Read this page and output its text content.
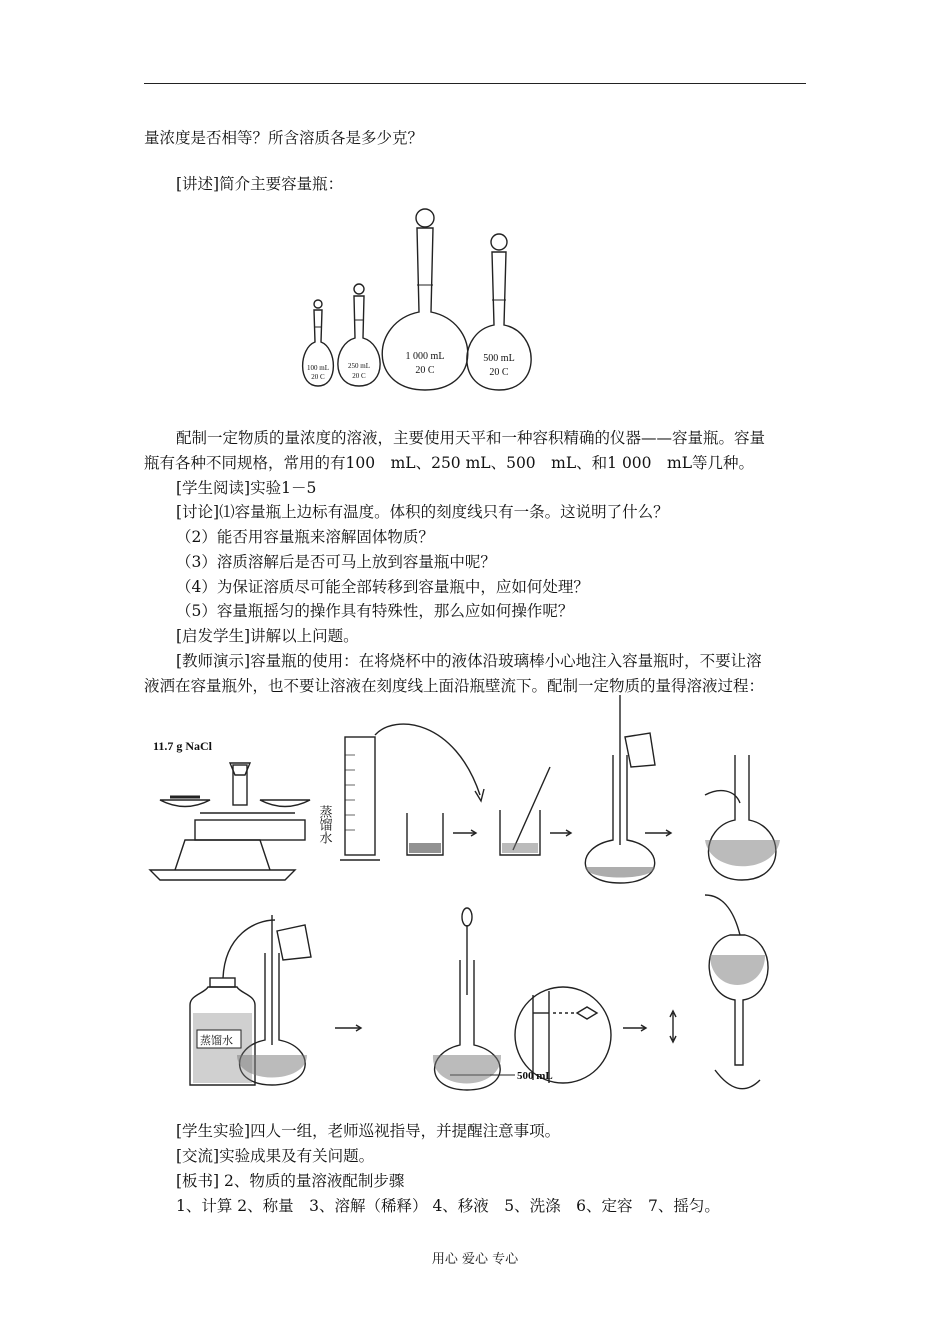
量浓度是否相等？所含溶质各是多少克？
[讲述]简介主要容量瓶：
100 mL
20 C
250 mL
20 C
1 000 mL
20 C
500 mL
20 C
配制一定物质的量浓度的溶液，主要使用天平和一种容积精确的仪器——容量瓶。容量
瓶有各种不同规格，常用的有100　mL、250 mL、500　mL、和1 000　mL等几种。
[学生阅读]实验1－5
[讨论]⑴容量瓶上边标有温度。体积的刻度线只有一条。这说明了什么？
（2）能否用容量瓶来溶解固体物质？
（3）溶质溶解后是否可马上放到容量瓶中呢？
（4）为保证溶质尽可能全部转移到容量瓶中，应如何处理？
（5）容量瓶摇匀的操作具有特殊性，那么应如何操作呢？
[启发学生]讲解以上问题。
[教师演示]容量瓶的使用：在将烧杯中的液体沿玻璃棒小心地注入容量瓶时，不要让溶
液洒在容量瓶外，也不要让溶液在刻度线上面沿瓶壁流下。配制一定物质的量得溶液过程：
11.7 g NaCl
蒸馏水
蒸馏水
500 mL
[学生实验]四人一组，老师巡视指导，并提醒注意事项。
[交流]实验成果及有关问题。
[板书] 2、物质的量溶液配制步骤
1、计算 2、称量　3、溶解（稀释） 4、移液　5、洗涤　6、定容　7、摇匀。
用心 爱心 专心
